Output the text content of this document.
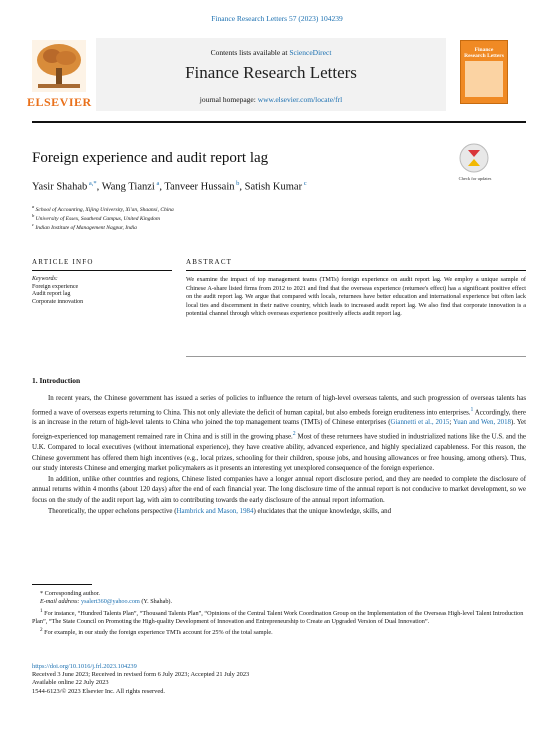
Finance Research Letters 57 (2023) 104239
Contents lists available at ScienceDirect
Finance Research Letters
journal homepage: www.elsevier.com/locate/frl
ELSEVIER
Finance Research Letters
Foreign experience and audit report lag
Check for updates
Yasir Shahab $^{a,*}$, Wang Tianzi $^a$, Tanveer Hussain $^b$, Satish Kumar $^c$
$^a$ School of Accounting, Xijing University, Xi'an, Shaanxi, China
$^b$ University of Essex, Southend Campus, United Kingdom
$^c$ Indian Institute of Management Nagpur, India
ARTICLE INFO	ABSTRACT
Keywords:
Foreign experience
Audit report lag
Corporate innovation
We examine the impact of top management teams (TMTs) foreign experience on audit report lag. We employ a unique sample of Chinese A-share listed firms from 2012 to 2021 and find that the overseas experience (returnee's effect) has a significant positive effect on the audit report lag. We argue that compared with locals, returnees have better education and international experience but often lack local ties and discernment in their native country, which leads to increased audit report lag. We also find that corporate innovation is a potential channel through which overseas experience positively affects audit report lag.
1. Introduction

In recent years, the Chinese government has issued a series of policies to influence the return of high-level overseas talents, and such progression of overseas talents has formed a wave of overseas experts returning to China. This not only alleviate the deficit of human capital, but also embeds foreign eruditeness into enterprises.$^1$ Accordingly, there is an increase in the return of high-level talents to China who joined the top management teams (TMTs) of Chinese enterprises (Giannetti et al., 2015; Yuan and Wen, 2018). Yet foreign-experienced top management remained rare in China and is still in the growing phase.$^2$ Most of these returnees have studied in industrialized nations like the U.S. and the U.K. Compared to local executives (without international experience), they have creative ability, advanced experience, and highly specialized capableness. For this reason, the Chinese government has offered them high incentives (e.g., local prizes, schooling for their children, spouse jobs, and housing allowances or free housing, among others). Thus, our study interests Chinese and emerging market policymakers as it presents an interesting yet unexplored consequence of the foreign experience.

In addition, unlike other countries and regions, Chinese listed companies have a longer annual report disclosure period, and they are needed to complete the disclosure of annual returns within 4 months (about 120 days) after the end of each financial year. The long disclosure time of the annual report is not conducive to market development, so we focus on the study of the audit report lag, with aim to contributing towards the early disclosure of the annual report information.

Theoretically, the upper echelons perspective (Hambrick and Mason, 1984) elucidates that the unique knowledge, skills, and

* Corresponding author.

E-mail address: ysalert360@yahoo.com (Y. Shahab).

$^1$ For instance, “Hundred Talents Plan”, “Thousand Talents Plan”, “Opinions of the Central Talent Work Coordination Group on the Implementation of the Overseas High-level Talent Introduction Plan”, “The State Council on Promoting the High-quality Development of Innovation and Entrepreneurship to Create an Upgraded Version of Dual Innovation”.

$^2$ For example, in our study the foreign experience TMTs account for 25% of the total sample.

https://doi.org/10.1016/j.frl.2023.104239
Received 3 June 2023; Received in revised form 6 July 2023; Accepted 21 July 2023
Available online 22 July 2023
1544-6123/© 2023 Elsevier Inc. All rights reserved.
